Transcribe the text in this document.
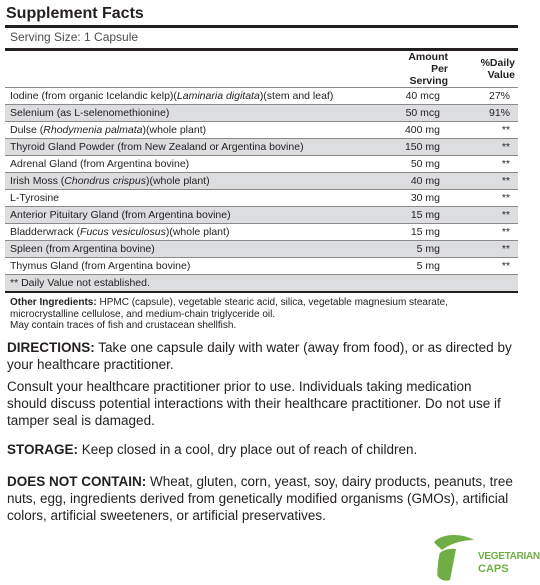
Supplement Facts
Serving Size: 1 Capsule
	Amount Per Serving	%Daily Value
Iodine (from organic Icelandic kelp)(Laminaria digitata)(stem and leaf)	40 mcg	27%
Selenium (as L-selenomethionine)	50 mcg	91%
Dulse (Rhodymenia palmata)(whole plant)	400 mg	**
Thyroid Gland Powder (from New Zealand or Argentina bovine)	150 mg	**
Adrenal Gland (from Argentina bovine)	50 mg	**
Irish Moss (Chondrus crispus)(whole plant)	40 mg	**
L-Tyrosine	30 mg	**
Anterior Pituitary Gland (from Argentina bovine)	15 mg	**
Bladderwrack (Fucus vesiculosus)(whole plant)	15 mg	**
Spleen (from Argentina bovine)	5 mg	**
Thymus Gland (from Argentina bovine)	5 mg	**
** Daily Value not established.		
Other Ingredients: HPMC (capsule), vegetable stearic acid, silica, vegetable magnesium stearate, microcrystalline cellulose, and medium-chain triglyceride oil.
May contain traces of fish and crustacean shellfish.
DIRECTIONS: Take one capsule daily with water (away from food), or as directed by your healthcare practitioner.
Consult your healthcare practitioner prior to use. Individuals taking medication should discuss potential interactions with their healthcare practitioner. Do not use if tamper seal is damaged.
STORAGE: Keep closed in a cool, dry place out of reach of children.
DOES NOT CONTAIN: Wheat, gluten, corn, yeast, soy, dairy products, peanuts, tree nuts, egg, ingredients derived from genetically modified organisms (GMOs), artificial colors, artificial sweeteners, or artificial preservatives.
VEGETARIAN
CAPS
